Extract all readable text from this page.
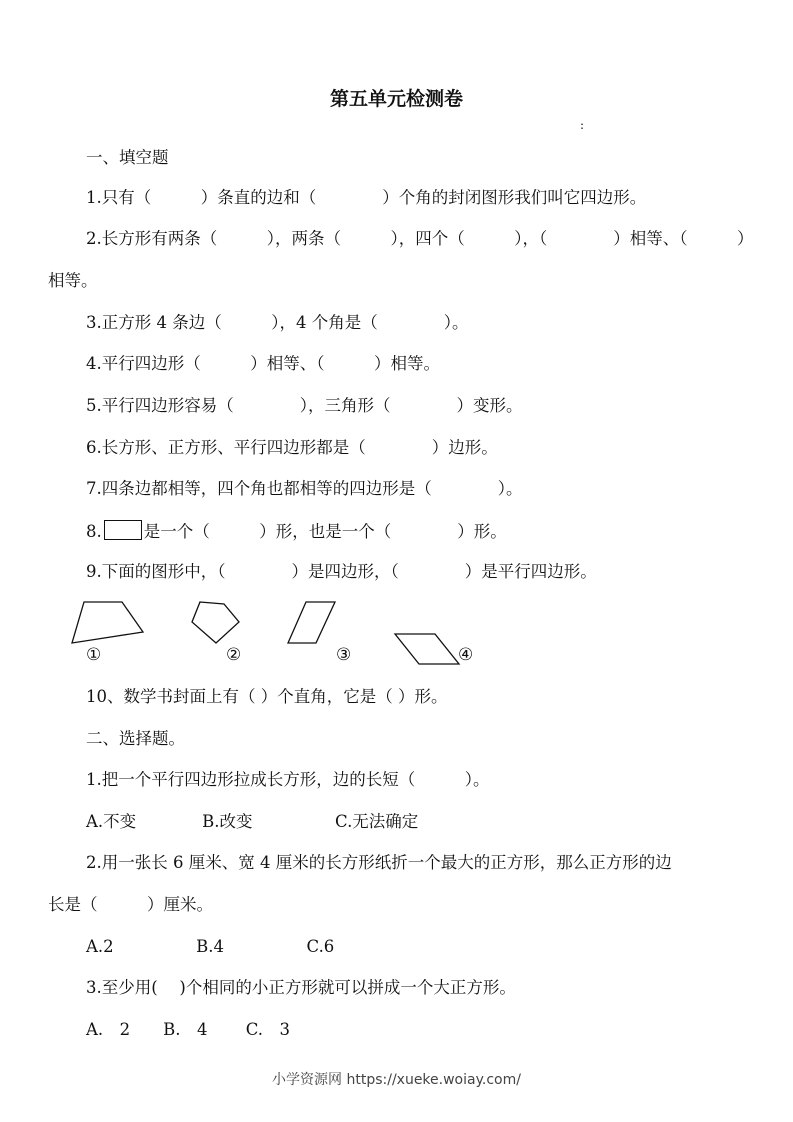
第五单元检测卷
:
一、填空题
1.只有（　　　）条直的边和（　　　　）个角的封闭图形我们叫它四边形。
2.长方形有两条（　　　），两条（　　　），四个（　　　），（　　　　）相等、（　　　）
相等。
3.正方形 4 条边（　　　），4 个角是（　　　　）。
4.平行四边形（　　　）相等、（　　　）相等。
5.平行四边形容易（　　　　），三角形（　　　　）变形。
6.长方形、正方形、平行四边形都是（　　　　）边形。
7.四条边都相等，四个角也都相等的四边形是（　　　　）。
8.	是一个（　　　）形，也是一个（　　　　）形。
9.下面的图形中，（　　　　）是四边形，（　　　　）是平行四边形。
①	②	③	④
10、数学书封面上有（ ）个直角，它是（ ）形。
二、选择题。
1.把一个平行四边形拉成长方形，边的长短（　　　）。
A.不变　　　　B.改变　　　　　C.无法确定
2.用一张长 6 厘米、宽 4 厘米的长方形纸折一个最大的正方形，那么正方形的边
长是（　　　）厘米。
A.2　　　　　B.4　　　　　C.6
3.至少用(　 )个相同的小正方形就可以拼成一个大正方形。
A.　2　　B.　4　　 C.　3
小学资源网 https://xueke.woiay.com/
